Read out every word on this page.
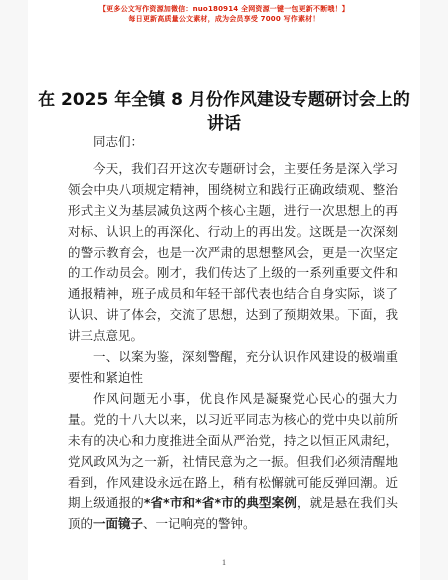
【更多公文写作资源加微信：nuo180914 全网资源一键一包更新不断哦！】
每日更新高质量公文素材，成为会员享受 7000 写作素材！
在 2025 年全镇 8 月份作风建设专题研讨会上的讲话

同志们：

今天，我们召开这次专题研讨会，主要任务是深入学习领会中央八项规定精神，围绕树立和践行正确政绩观、整治形式主义为基层减负这两个核心主题，进行一次思想上的再对标、认识上的再深化、行动上的再出发。这既是一次深刻的警示教育会，也是一次严肃的思想整风会，更是一次坚定的工作动员会。刚才，我们传达了上级的一系列重要文件和通报精神，班子成员和年轻干部代表也结合自身实际，谈了认识、讲了体会，交流了思想，达到了预期效果。下面，我讲三点意见。

一、以案为鉴，深刻警醒，充分认识作风建设的极端重要性和紧迫性

作风问题无小事，优良作风是凝聚党心民心的强大力量。党的十八大以来，以习近平同志为核心的党中央以前所未有的决心和力度推进全面从严治党，持之以恒正风肃纪，党风政风为之一新，社情民意为之一振。但我们必须清醒地看到，作风建设永远在路上，稍有松懈就可能反弹回潮。近期上级通报的*省*市和*省*市的典型案例，就是悬在我们头顶的一面镜子、一记响亮的警钟。

1
